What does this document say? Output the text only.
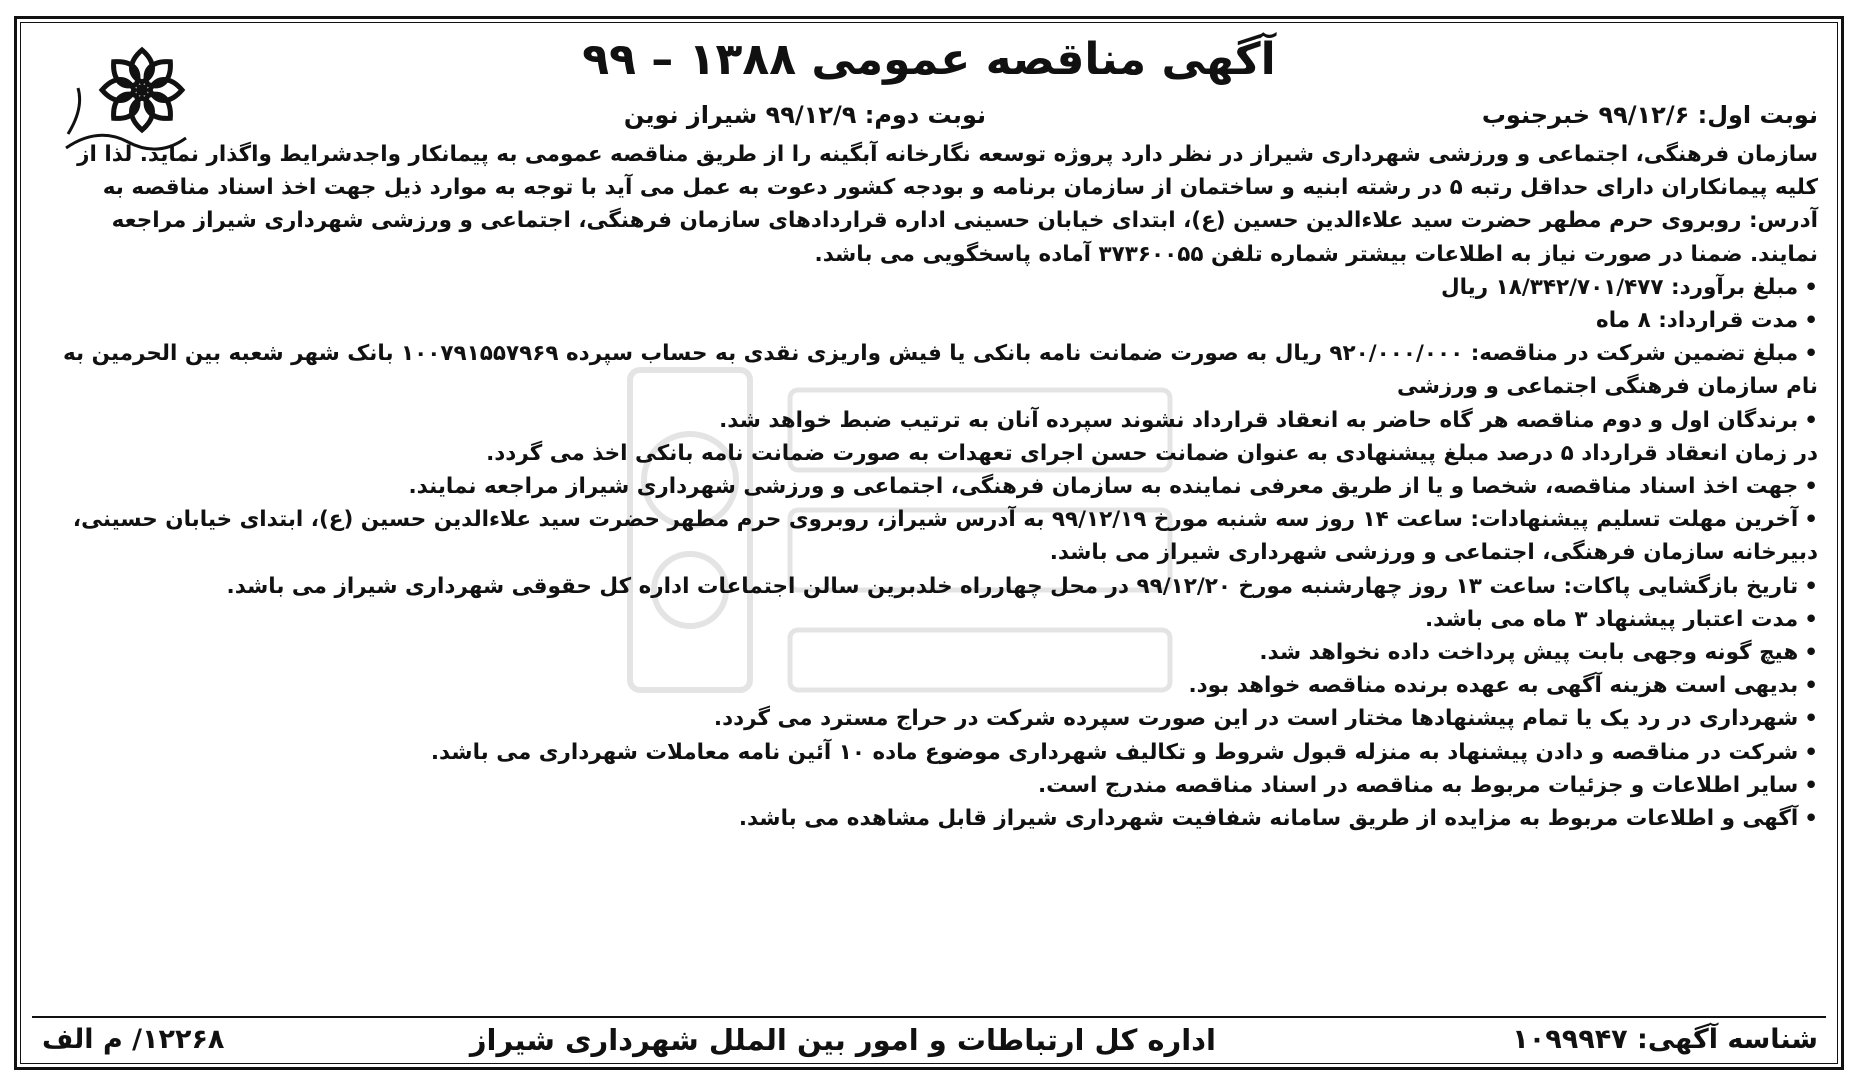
آگهی مناقصه عمومی ۱۳۸۸ – ۹۹
نوبت اول: ۹۹/۱۲/۶ خبرجنوب
نوبت دوم: ۹۹/۱۲/۹ شیراز نوین

سازمان فرهنگی، اجتماعی و ورزشی شهرداری شیراز در نظر دارد پروژه توسعه نگارخانه آبگینه را از طریق مناقصه عمومی به پیمانکار واجدشرایط واگذار نماید. لذا از کلیه پیمانکاران دارای حداقل رتبه ۵ در رشته ابنیه و ساختمان از سازمان برنامه و بودجه کشور دعوت به عمل می آید با توجه به موارد ذیل جهت اخذ اسناد مناقصه به آدرس: روبروی حرم مطهر حضرت سید علاءالدین حسین (ع)، ابتدای خیابان حسینی اداره قراردادهای سازمان فرهنگی، اجتماعی و ورزشی شهرداری شیراز مراجعه نمایند. ضمنا در صورت نیاز به اطلاعات بیشتر شماره تلفن ۳۷۳۶۰۰۵۵ آماده پاسخگویی می باشد.

•مبلغ برآورد: ۱۸/۳۴۲/۷۰۱/۴۷۷ ریال

•مدت قرارداد: ۸ ماه

•مبلغ تضمین شرکت در مناقصه: ۹۲۰/۰۰۰/۰۰۰ ریال به صورت ضمانت نامه بانکی یا فیش واریزی نقدی به حساب سپرده ۱۰۰۷۹۱۵۵۷۹۶۹ بانک شهر شعبه بین الحرمین به نام سازمان فرهنگی اجتماعی و ورزشی

•برندگان اول و دوم مناقصه هر گاه حاضر به انعقاد قرارداد نشوند سپرده آنان به ترتیب ضبط خواهد شد.

در زمان انعقاد قرارداد ۵ درصد مبلغ پیشنهادی به عنوان ضمانت حسن اجرای تعهدات به صورت ضمانت نامه بانکی اخذ می گردد.

•جهت اخذ اسناد مناقصه، شخصا و یا از طریق معرفی نماینده به سازمان فرهنگی، اجتماعی و ورزشی شهرداری شیراز مراجعه نمایند.

•آخرین مهلت تسلیم پیشنهادات: ساعت ۱۴ روز سه شنبه مورخ ۹۹/۱۲/۱۹ به آدرس شیراز، روبروی حرم مطهر حضرت سید علاءالدین حسین (ع)، ابتدای خیابان حسینی، دبیرخانه سازمان فرهنگی، اجتماعی و ورزشی شهرداری شیراز می باشد.

•تاریخ بازگشایی پاکات: ساعت ۱۳ روز چهارشنبه مورخ ۹۹/۱۲/۲۰ در محل چهارراه خلدبرین سالن اجتماعات اداره کل حقوقی شهرداری شیراز می باشد.

•مدت اعتبار پیشنهاد ۳ ماه می باشد.

•هیچ گونه وجهی بابت پیش پرداخت داده نخواهد شد.

•بدیهی است هزینه آگهی به عهده برنده مناقصه خواهد بود.

•شهرداری در رد یک یا تمام پیشنهادها مختار است در این صورت سپرده شرکت در حراج مسترد می گردد.

•شرکت در مناقصه و دادن پیشنهاد به منزله قبول شروط و تکالیف شهرداری موضوع ماده ۱۰ آئین نامه معاملات شهرداری می باشد.

•سایر اطلاعات و جزئیات مربوط به مناقصه در اسناد مناقصه مندرج است.

•آگهی و اطلاعات مربوط به مزایده از طریق سامانه شفافیت شهرداری شیراز قابل مشاهده می باشد.

شناسه آگهی: ۱۰۹۹۹۴۷
اداره کل ارتباطات و امور بین الملل شهرداری شیراز
۱۲۲۶۸/ م الف
